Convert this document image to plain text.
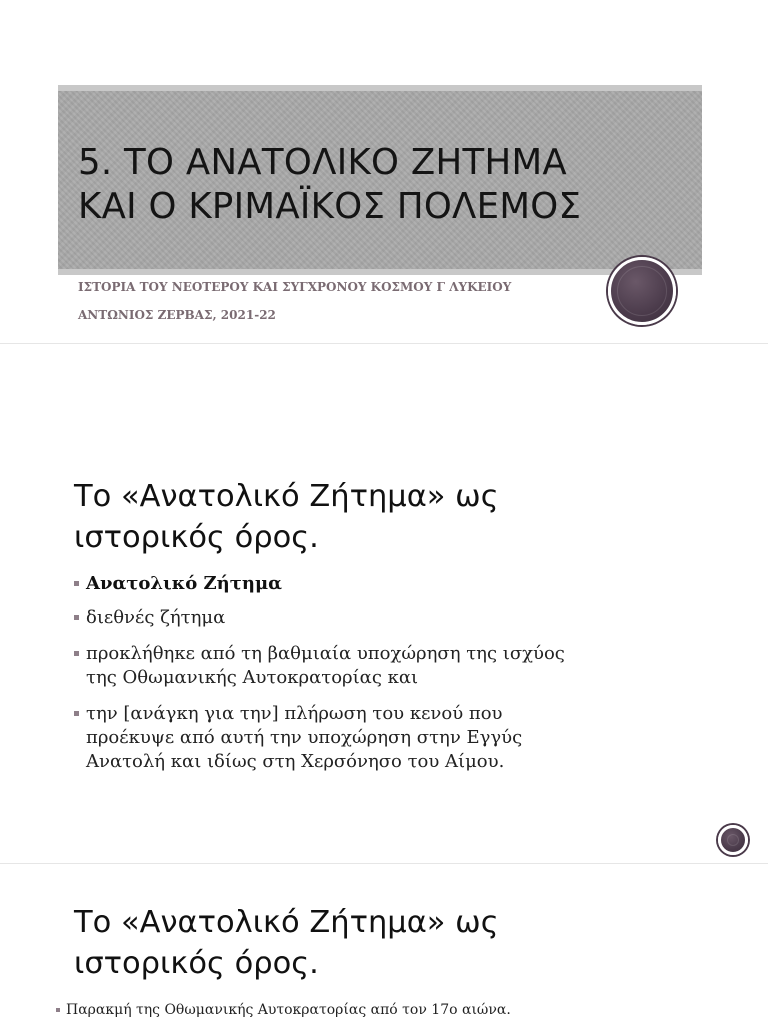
5. ΤΟ ΑΝΑΤΟΛΙΚΟ ΖΗΤΗΜΑ
ΚΑΙ Ο ΚΡΙΜΑΪΚΟΣ ΠΟΛΕΜΟΣ
ΙΣΤΟΡΙΑ ΤΟΥ ΝΕΟΤΕΡΟΥ ΚΑΙ ΣΥΓΧΡΟΝΟΥ ΚΟΣΜΟΥ Γ ΛΥΚΕΙΟΥ
ΑΝΤΩΝΙΟΣ ΖΕΡΒΑΣ, 2021-22
Το «Ανατολικό Ζήτημα» ως
ιστορικός όρος.
Ανατολικό Ζήτημα
διεθνές ζήτημα
προκλήθηκε από τη βαθμιαία υποχώρηση της ισχύος
της Οθωμανικής Αυτοκρατορίας και
την [ανάγκη για την] πλήρωση του κενού που
προέκυψε από αυτή την υποχώρηση στην Εγγύς
Ανατολή και ιδίως στη Χερσόνησο του Αίμου.
Το «Ανατολικό Ζήτημα» ως
ιστορικός όρος.
Παρακμή της Οθωμανικής Αυτοκρατορίας από τον 17ο αιώνα.
